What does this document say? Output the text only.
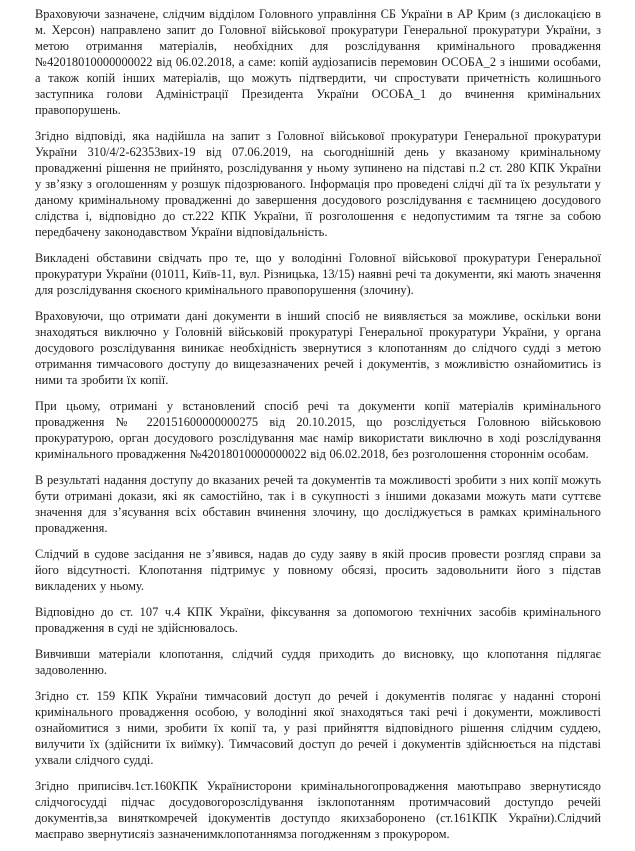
Враховуючи зазначене, слідчим відділом Головного управління СБ України в АР Крим (з дислокацією в м. Херсон) направлено запит до Головної військової прокуратури Генеральної прокуратури України, з метою отримання матеріалів, необхідних для розслідування кримінального провадження №42018010000000022 від 06.02.2018, а саме: копій аудіозаписів перемовин ОСОБА_2 з іншими особами, а також копій інших матеріалів, що можуть підтвердити, чи спростувати причетність колишнього заступника голови Адміністрації Президента України ОСОБА_1 до вчинення кримінальних правопорушень.

Згідно відповіді, яка надійшла на запит з Головної військової прокуратури Генеральної прокуратури України 310/4/2-62353вих-19 від 07.06.2019, на сьогоднішній день у вказаному кримінальному провадженні рішення не прийнято, розслідування у ньому зупинено на підставі п.2 ст. 280 КПК України у зв’язку з оголошенням у розшук підозрюваного. Інформація про проведені слідчі дії та їх результати у даному кримінальному провадженні до завершення досудового розслідування є таємницею досудового слідства і, відповідно до ст.222 КПК України, її розголошення є недопустимим та тягне за собою передбачену законодавством України відповідальність.

Викладені обставини свідчать про те, що у володінні Головної військової прокуратури Генеральної прокуратури України (01011, Київ-11, вул. Різницька, 13/15) наявні речі та документи, які мають значення для розслідування скоєного кримінального правопорушення (злочину).

Враховуючи, що отримати дані документи в інший спосіб не виявляється за можливе, оскільки вони знаходяться виключно у Головній військовій прокуратурі Генеральної прокуратури України, у органа досудового розслідування виникає необхідність звернутися з клопотанням до слідчого судді з метою отримання тимчасового доступу до вищезазначених речей і документів, з можливістю ознайомитись із ними та зробити їх копії.

При цьому, отримані у встановлений спосіб речі та документи копії матеріалів кримінального провадження № 220151600000000275 від 20.10.2015, що розслідується Головною військовою прокуратурою, орган досудового розслідування має намір використати виключно в ході розслідування кримінального провадження №42018010000000022 від 06.02.2018, без розголошення стороннім особам.

В результаті надання доступу до вказаних речей та документів та можливості зробити з них копії можуть бути отримані докази, які як самостійно, так і в сукупності з іншими доказами можуть мати суттєве значення для з’ясування всіх обставин вчинення злочину, що досліджується в рамках кримінального провадження.

Слідчий в судове засідання не з’явився, надав до суду заяву в якій просив провести розгляд справи за його відсутності. Клопотання підтримує у повному обсязі, просить задовольнити його з підстав викладених у ньому.

Відповідно до ст. 107 ч.4 КПК України, фіксування за допомогою технічних засобів кримінального провадження в суді не здійснювалось.

Вивчивши матеріали клопотання, слідчий суддя приходить до висновку, що клопотання підлягає задоволенню.

Згідно ст. 159 КПК України тимчасовий доступ до речей і документів полягає у наданні стороні кримінального провадження особою, у володінні якої знаходяться такі речі і документи, можливості ознайомитися з ними, зробити їх копії та, у разі прийняття відповідного рішення слідчим суддею, вилучити їх (здійснити їх виїмку). Тимчасовий доступ до речей і документів здійснюється на підставі ухвали слідчого судді.

Згідно приписівч.1ст.160КПК Українисторони кримінальногопровадження маютьправо звернутисядо слідчогосудді підчас досудовогорозслідування ізклопотанням протимчасовий доступдо речейі документів,за виняткомречей ідокументів доступдо якихзаборонено (ст.161КПК України).Слідчий маєправо звернутисяіз зазначенимклопотаннямза погодженням з прокурором.
